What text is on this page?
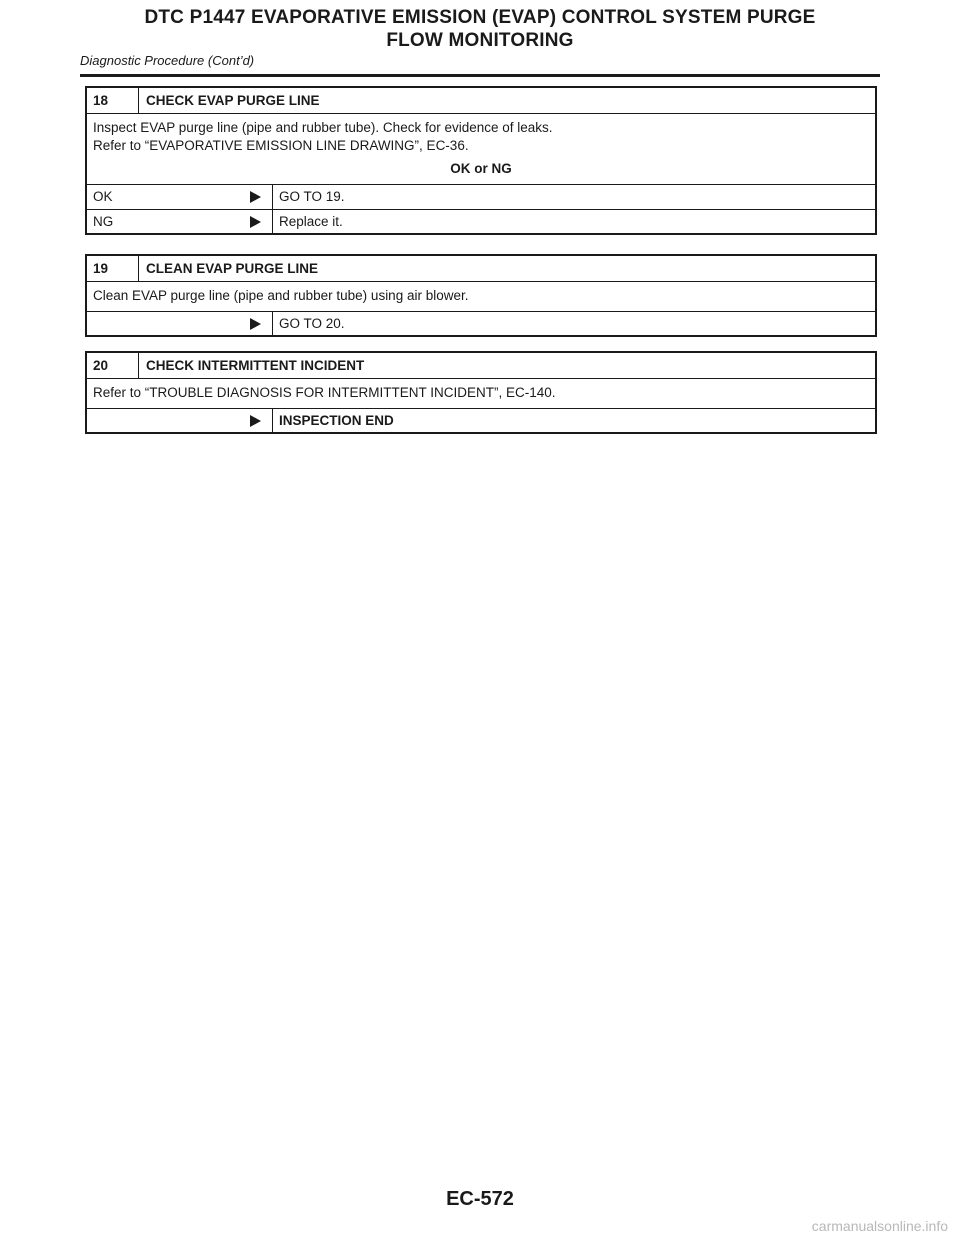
DTC P1447 EVAPORATIVE EMISSION (EVAP) CONTROL SYSTEM PURGE
FLOW MONITORING
Diagnostic Procedure (Cont’d)
18	CHECK EVAP PURGE LINE
Inspect EVAP purge line (pipe and rubber tube). Check for evidence of leaks.
Refer to “EVAPORATIVE EMISSION LINE DRAWING”, EC-36.
OK or NG
OK	GO TO 19.
NG	Replace it.
19	CLEAN EVAP PURGE LINE
Clean EVAP purge line (pipe and rubber tube) using air blower.
GO TO 20.
20	CHECK INTERMITTENT INCIDENT
Refer to “TROUBLE DIAGNOSIS FOR INTERMITTENT INCIDENT”, EC-140.
INSPECTION END
EC-572
carmanualsonline.info
